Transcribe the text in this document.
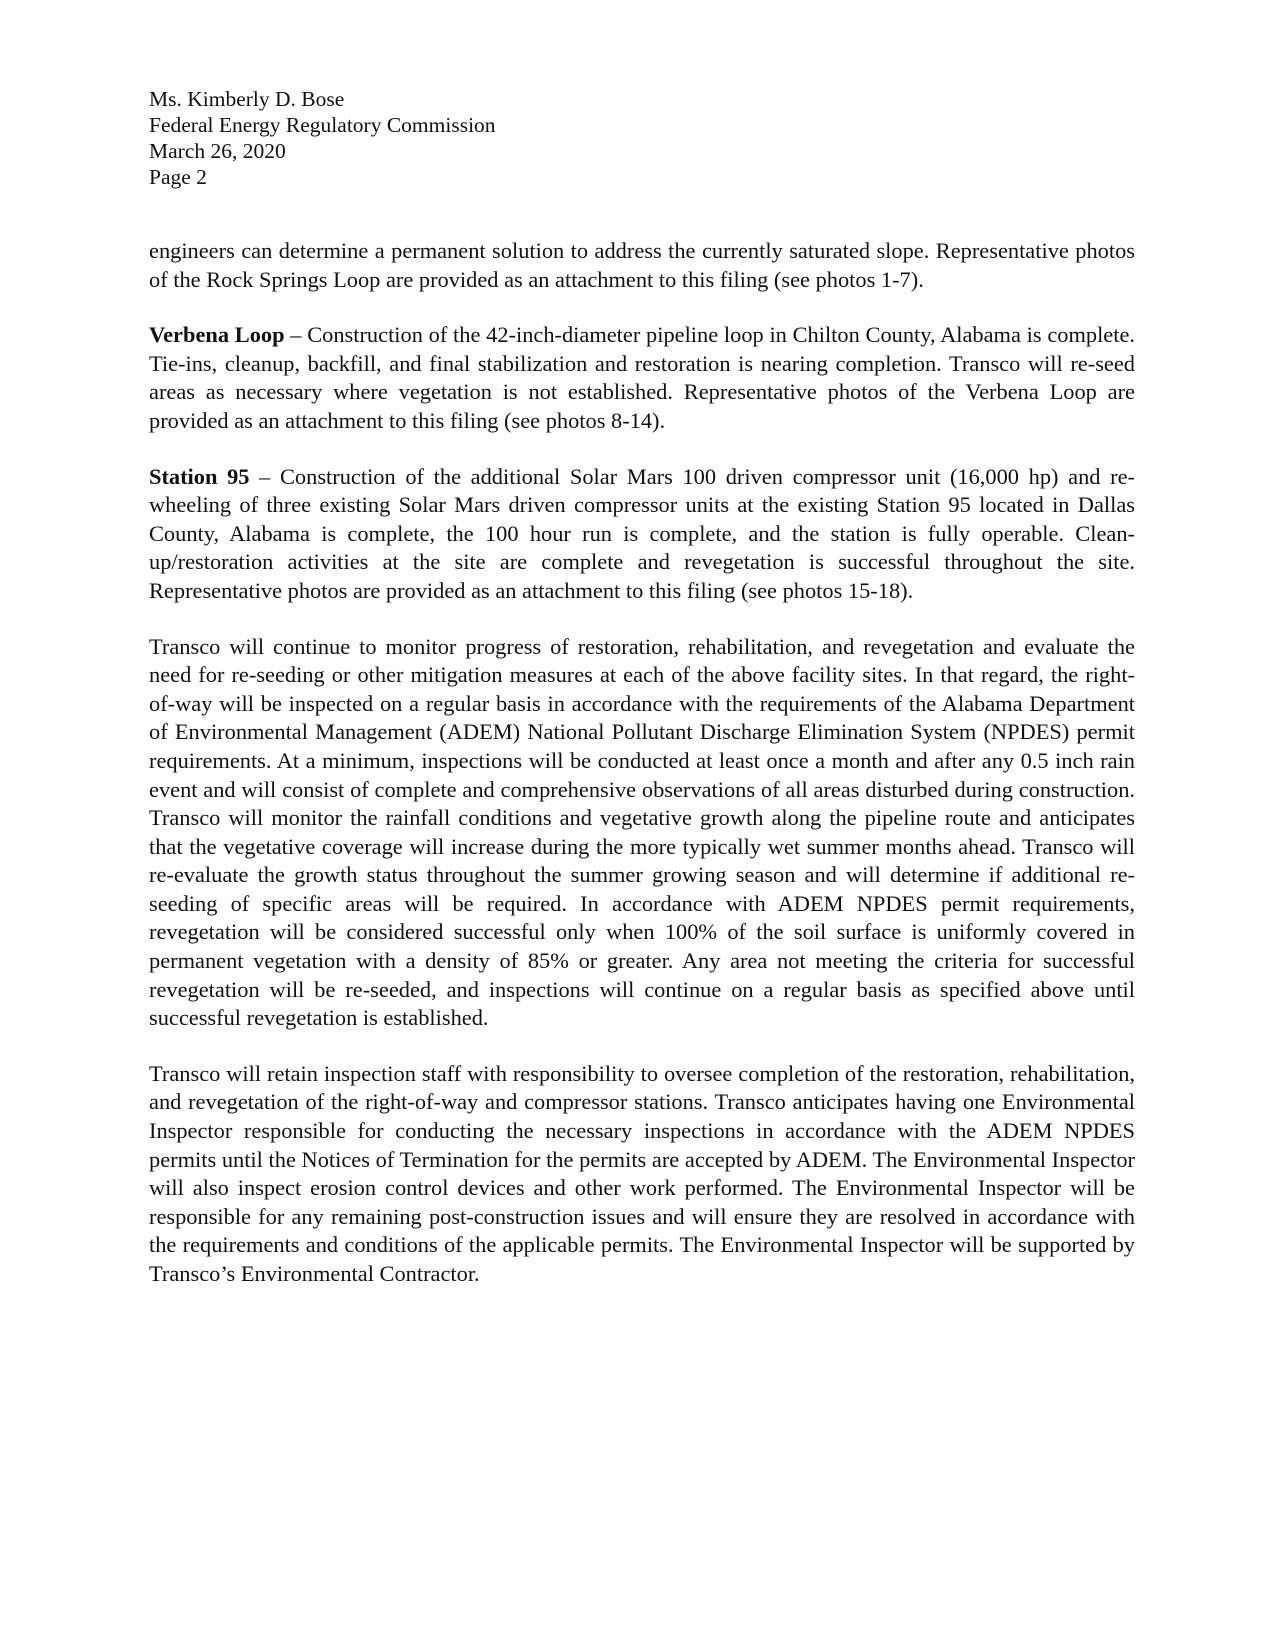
Ms. Kimberly D. Bose
Federal Energy Regulatory Commission
March 26, 2020
Page 2

engineers can determine a permanent solution to address the currently saturated slope. Representative photos of the Rock Springs Loop are provided as an attachment to this filing (see photos 1-7).

Verbena Loop – Construction of the 42-inch-diameter pipeline loop in Chilton County, Alabama is complete. Tie-ins, cleanup, backfill, and final stabilization and restoration is nearing completion. Transco will re-seed areas as necessary where vegetation is not established. Representative photos of the Verbena Loop are provided as an attachment to this filing (see photos 8-14).

Station 95 – Construction of the additional Solar Mars 100 driven compressor unit (16,000 hp) and re-wheeling of three existing Solar Mars driven compressor units at the existing Station 95 located in Dallas County, Alabama is complete, the 100 hour run is complete, and the station is fully operable. Clean-up/restoration activities at the site are complete and revegetation is successful throughout the site. Representative photos are provided as an attachment to this filing (see photos 15-18).

Transco will continue to monitor progress of restoration, rehabilitation, and revegetation and evaluate the need for re-seeding or other mitigation measures at each of the above facility sites. In that regard, the right-of-way will be inspected on a regular basis in accordance with the requirements of the Alabama Department of Environmental Management (ADEM) National Pollutant Discharge Elimination System (NPDES) permit requirements. At a minimum, inspections will be conducted at least once a month and after any 0.5 inch rain event and will consist of complete and comprehensive observations of all areas disturbed during construction. Transco will monitor the rainfall conditions and vegetative growth along the pipeline route and anticipates that the vegetative coverage will increase during the more typically wet summer months ahead. Transco will re-evaluate the growth status throughout the summer growing season and will determine if additional re-seeding of specific areas will be required. In accordance with ADEM NPDES permit requirements, revegetation will be considered successful only when 100% of the soil surface is uniformly covered in permanent vegetation with a density of 85% or greater. Any area not meeting the criteria for successful revegetation will be re-seeded, and inspections will continue on a regular basis as specified above until successful revegetation is established.

Transco will retain inspection staff with responsibility to oversee completion of the restoration, rehabilitation, and revegetation of the right-of-way and compressor stations. Transco anticipates having one Environmental Inspector responsible for conducting the necessary inspections in accordance with the ADEM NPDES permits until the Notices of Termination for the permits are accepted by ADEM. The Environmental Inspector will also inspect erosion control devices and other work performed. The Environmental Inspector will be responsible for any remaining post-construction issues and will ensure they are resolved in accordance with the requirements and conditions of the applicable permits. The Environmental Inspector will be supported by Transco’s Environmental Contractor.
